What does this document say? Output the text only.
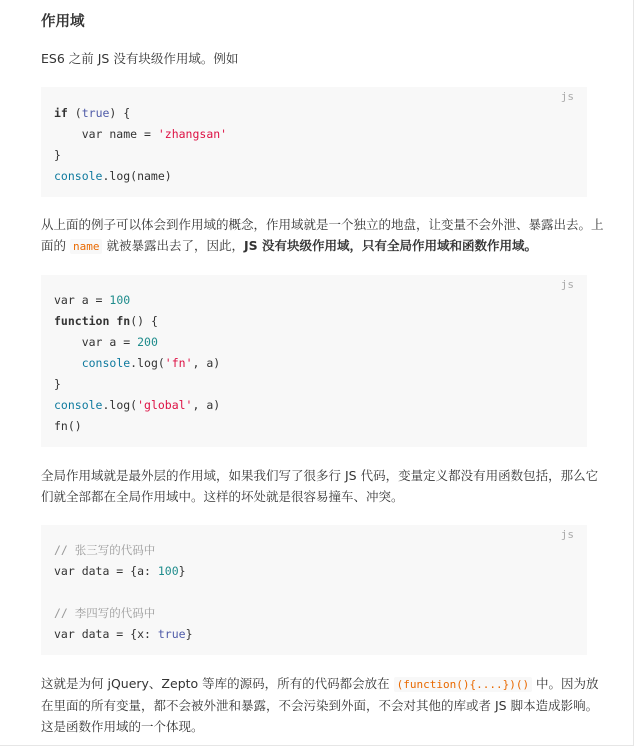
作用域
ES6 之前 JS 没有块级作用域。例如
js
if (true) {
var name = 'zhangsan'
}
console.log(name)
从上面的例子可以体会到作用域的概念，作用域就是一个独立的地盘，让变量不会外泄、暴露出去。上
面的 name 就被暴露出去了，因此，JS 没有块级作用域，只有全局作用域和函数作用域。
js
var a = 100
function fn() {
var a = 200
console.log('fn', a)
}
console.log('global', a)
fn()
全局作用域就是最外层的作用域，如果我们写了很多行 JS 代码，变量定义都没有用函数包括，那么它
们就全部都在全局作用域中。这样的坏处就是很容易撞车、冲突。
js
// 张三写的代码中
var data = {a: 100}
// 李四写的代码中
var data = {x: true}
这就是为何 jQuery、Zepto 等库的源码，所有的代码都会放在 (function(){....})() 中。因为放
在里面的所有变量，都不会被外泄和暴露，不会污染到外面，不会对其他的库或者 JS 脚本造成影响。
这是函数作用域的一个体现。
